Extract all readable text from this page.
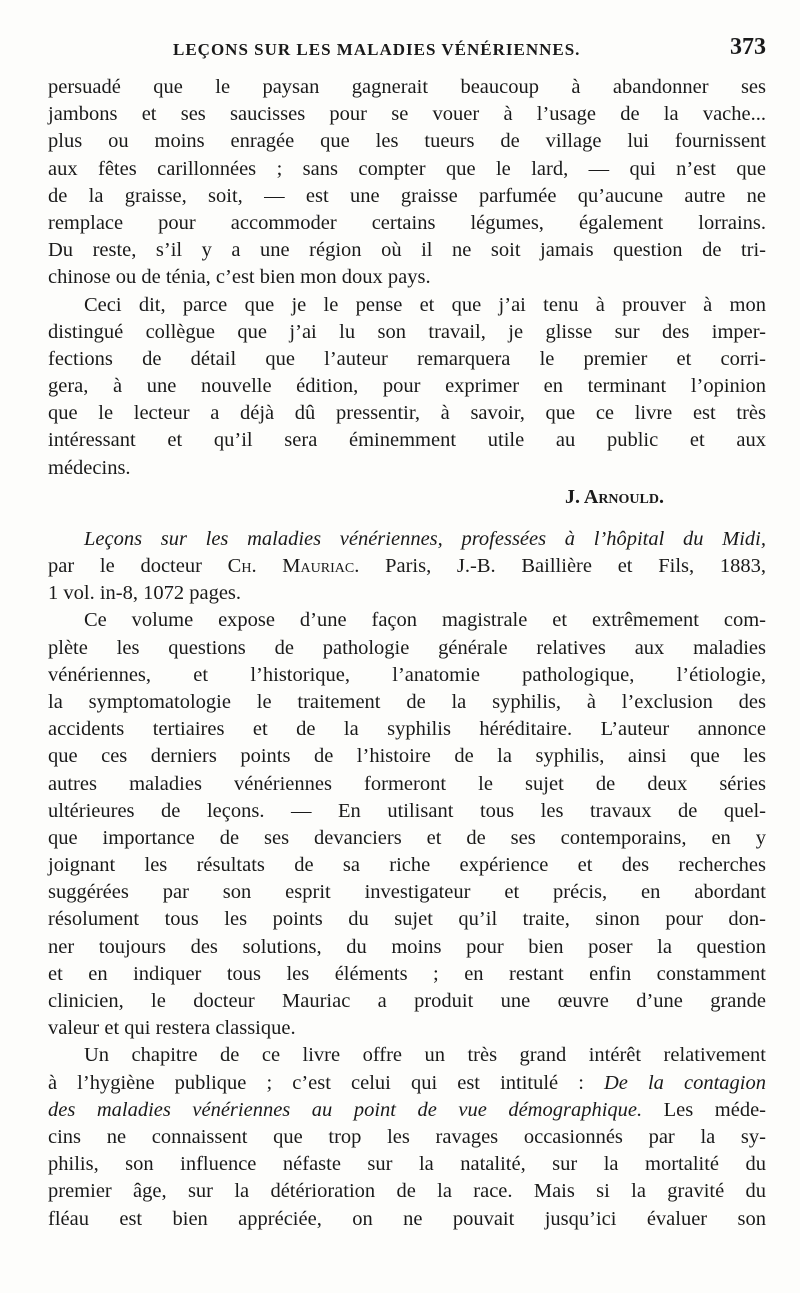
LEÇONS SUR LES MALADIES VÉNÉRIENNES.	373
persuadé que le paysan gagnerait beaucoup à abandonner ses
jambons et ses saucisses pour se vouer à l’usage de la vache...
plus ou moins enragée que les tueurs de village lui fournissent
aux fêtes carillonnées ; sans compter que le lard, — qui n’est que
de la graisse, soit, — est une graisse parfumée qu’aucune autre ne
remplace pour accommoder certains légumes, également lorrains.
Du reste, s’il y a une région où il ne soit jamais question de tri-
chinose ou de ténia, c’est bien mon doux pays.
Ceci dit, parce que je le pense et que j’ai tenu à prouver à mon
distingué collègue que j’ai lu son travail, je glisse sur des imper-
fections de détail que l’auteur remarquera le premier et corri-
gera, à une nouvelle édition, pour exprimer en terminant l’opinion
que le lecteur a déjà dû pressentir, à savoir, que ce livre est très
intéressant et qu’il sera éminemment utile au public et aux
médecins.
J. Arnould.
Leçons sur les maladies vénériennes, professées à l’hôpital du Midi,
par le docteur Ch. Mauriac. Paris, J.-B. Baillière et Fils, 1883,
1 vol. in-8, 1072 pages.
Ce volume expose d’une façon magistrale et extrêmement com-
plète les questions de pathologie générale relatives aux maladies
vénériennes, et l’historique, l’anatomie pathologique, l’étiologie,
la symptomatologie le traitement de la syphilis, à l’exclusion des
accidents tertiaires et de la syphilis héréditaire. L’auteur annonce
que ces derniers points de l’histoire de la syphilis, ainsi que les
autres maladies vénériennes formeront le sujet de deux séries
ultérieures de leçons. — En utilisant tous les travaux de quel-
que importance de ses devanciers et de ses contemporains, en y
joignant les résultats de sa riche expérience et des recherches
suggérées par son esprit investigateur et précis, en abordant
résolument tous les points du sujet qu’il traite, sinon pour don-
ner toujours des solutions, du moins pour bien poser la question
et en indiquer tous les éléments ; en restant enfin constamment
clinicien, le docteur Mauriac a produit une œuvre d’une grande
valeur et qui restera classique.
Un chapitre de ce livre offre un très grand intérêt relativement
à l’hygiène publique ; c’est celui qui est intitulé : De la contagion
des maladies vénériennes au point de vue démographique. Les méde-
cins ne connaissent que trop les ravages occasionnés par la sy-
philis, son influence néfaste sur la natalité, sur la mortalité du
premier âge, sur la détérioration de la race. Mais si la gravité du
fléau est bien appréciée, on ne pouvait jusqu’ici évaluer son
